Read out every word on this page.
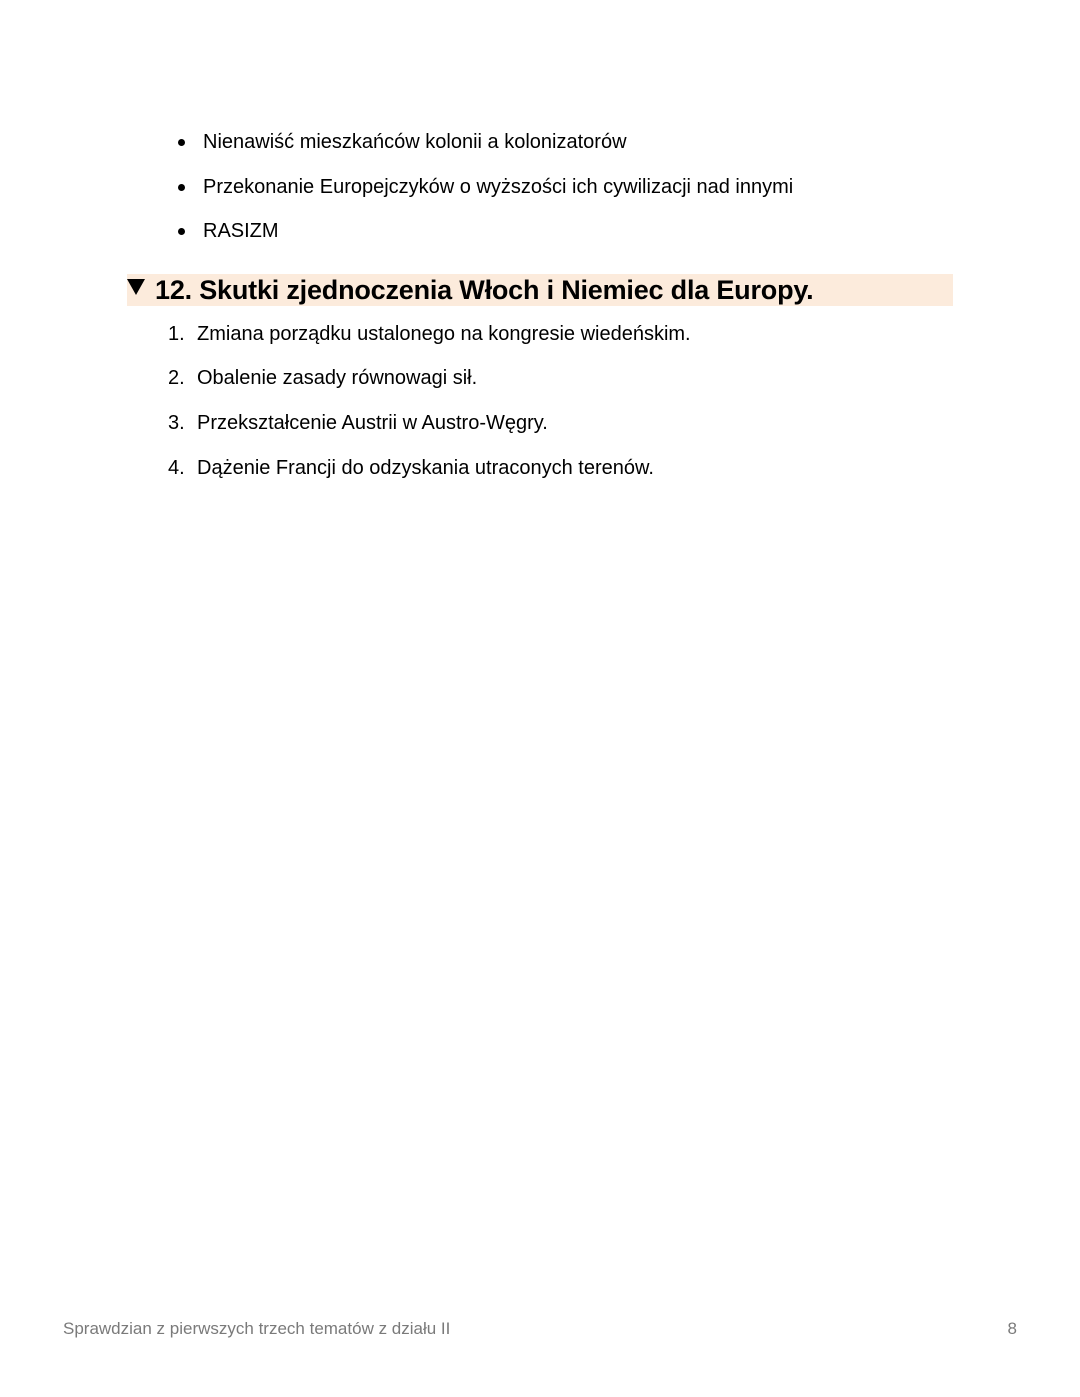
Nienawiść mieszkańców kolonii a kolonizatorów
Przekonanie Europejczyków o wyższości ich cywilizacji nad innymi
RASIZM
12. Skutki zjednoczenia Włoch i Niemiec dla Europy.
1. Zmiana porządku ustalonego na kongresie wiedeńskim.
2. Obalenie zasady równowagi sił.
3. Przekształcenie Austrii w Austro-Węgry.
4. Dążenie Francji do odzyskania utraconych terenów.
Sprawdzian z pierwszych trzech tematów z działu II	8
